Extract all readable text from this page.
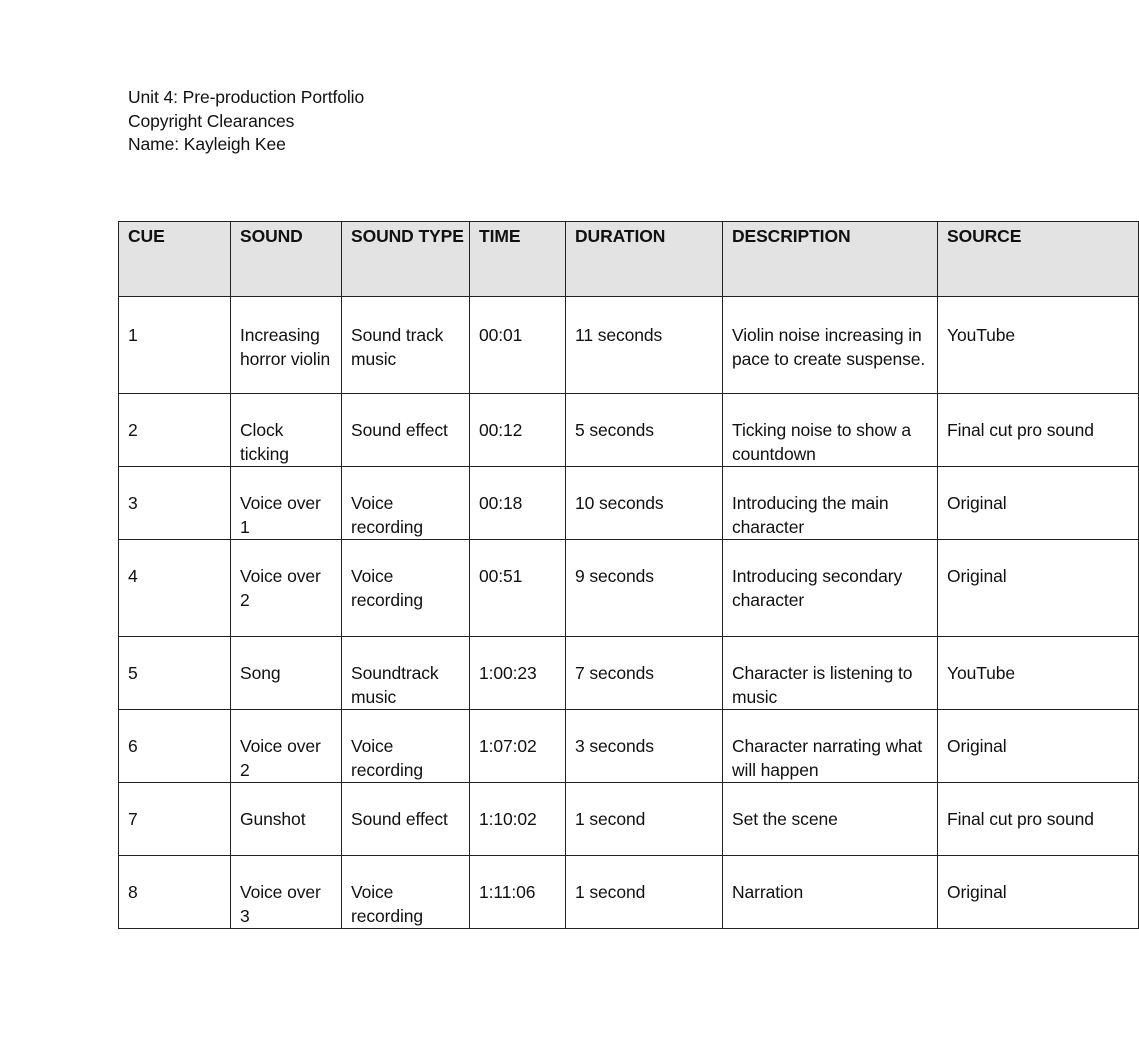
Unit 4: Pre-production Portfolio
Copyright Clearances
Name: Kayleigh Kee
CUE	SOUND	SOUND TYPE	TIME	DURATION	DESCRIPTION	SOURCE
1	Increasing horror violin	Sound track music	00:01	11 seconds	Violin noise increasing in pace to create suspense.	YouTube
2	Clock ticking	Sound effect	00:12	5 seconds	Ticking noise to show a countdown	Final cut pro sound
3	Voice over 1	Voice recording	00:18	10 seconds	Introducing the main character	Original
4	Voice over 2	Voice recording	00:51	9 seconds	Introducing secondary character	Original
5	Song	Soundtrack music	1:00:23	7 seconds	Character is listening to music	YouTube
6	Voice over 2	Voice recording	1:07:02	3 seconds	Character narrating what will happen	Original
7	Gunshot	Sound effect	1:10:02	1 second	Set the scene	Final cut pro sound
8	Voice over 3	Voice recording	1:11:06	1 second	Narration	Original
